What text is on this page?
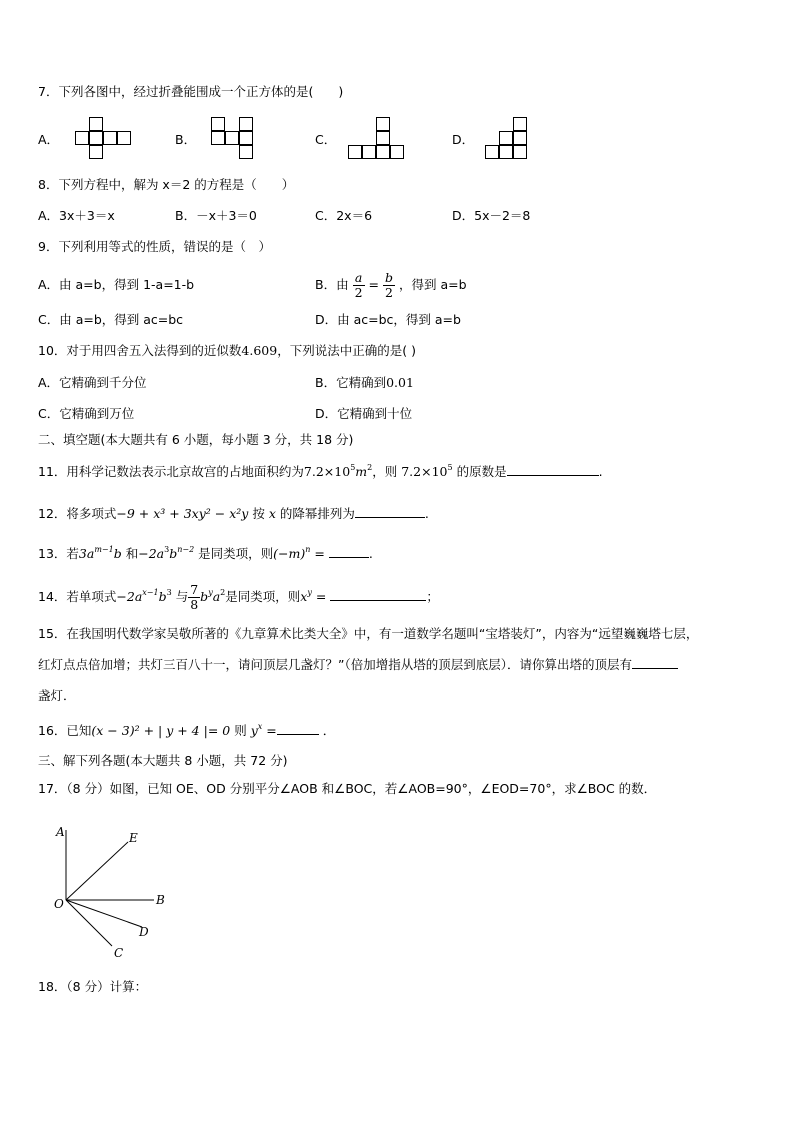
7．下列各图中，经过折叠能围成一个正方体的是(　　)
A．	B．	C．	D．
8．下列方程中，解为 x＝2 的方程是（　　）
A．3x＋3＝x	B．－x＋3＝0	C．2x＝6	D．5x－2＝8
9．下列利用等式的性质，错误的是（　）
A．由 a=b，得到 1-a=1-b	B．由 $\frac{a}{2} = \frac{b}{2}$ ，得到 a=b
C．由 a=b，得到 ac=bc	D．由 ac=bc，得到 a=b
10．对于用四舍五入法得到的近似数4.609，下列说法中正确的是( )
A．它精确到千分位	B．它精确到0.01
C．它精确到万位	D．它精确到十位
二、填空题(本大题共有 6 小题，每小题 3 分，共 18 分)
11．用科学记数法表示北京故宫的占地面积约为$7.2\times 10^5m^2$，则 $7.2\times 10^5$ 的原数是	.
12．将多项式−9 + x³ + 3xy² − x²y 按 x 的降幂排列为	.
13．若$3a^{m-1}b$ 和$-2a^3b^{n-2}$ 是同类项，则$(-m)^n$ =	.
14．若单项式$-2a^{x-1}b^3$ 与 $\frac{7}{8} b^ya^2$是同类项，则$x^y$ =	；
15．在我国明代数学家吴敬所著的《九章算术比类大全》中，有一道数学名题叫“宝塔装灯”，内容为“远望巍巍塔七层，
红灯点点倍加增；共灯三百八十一，请问顶层几盏灯？”（倍加增指从塔的顶层到底层）．请你算出塔的顶层有
盏灯．
16．已知(x − 3)² + | y + 4 |= 0 则 $y^x$ =	．
三、解下列各题(本大题共 8 小题，共 72 分)
17．（8 分）如图，已知 OE、OD 分别平分∠AOB 和∠BOC，若∠AOB=90°，∠EOD=70°，求∠BOC 的数．
A	E
B
O
D
C
18．（8 分）计算：
